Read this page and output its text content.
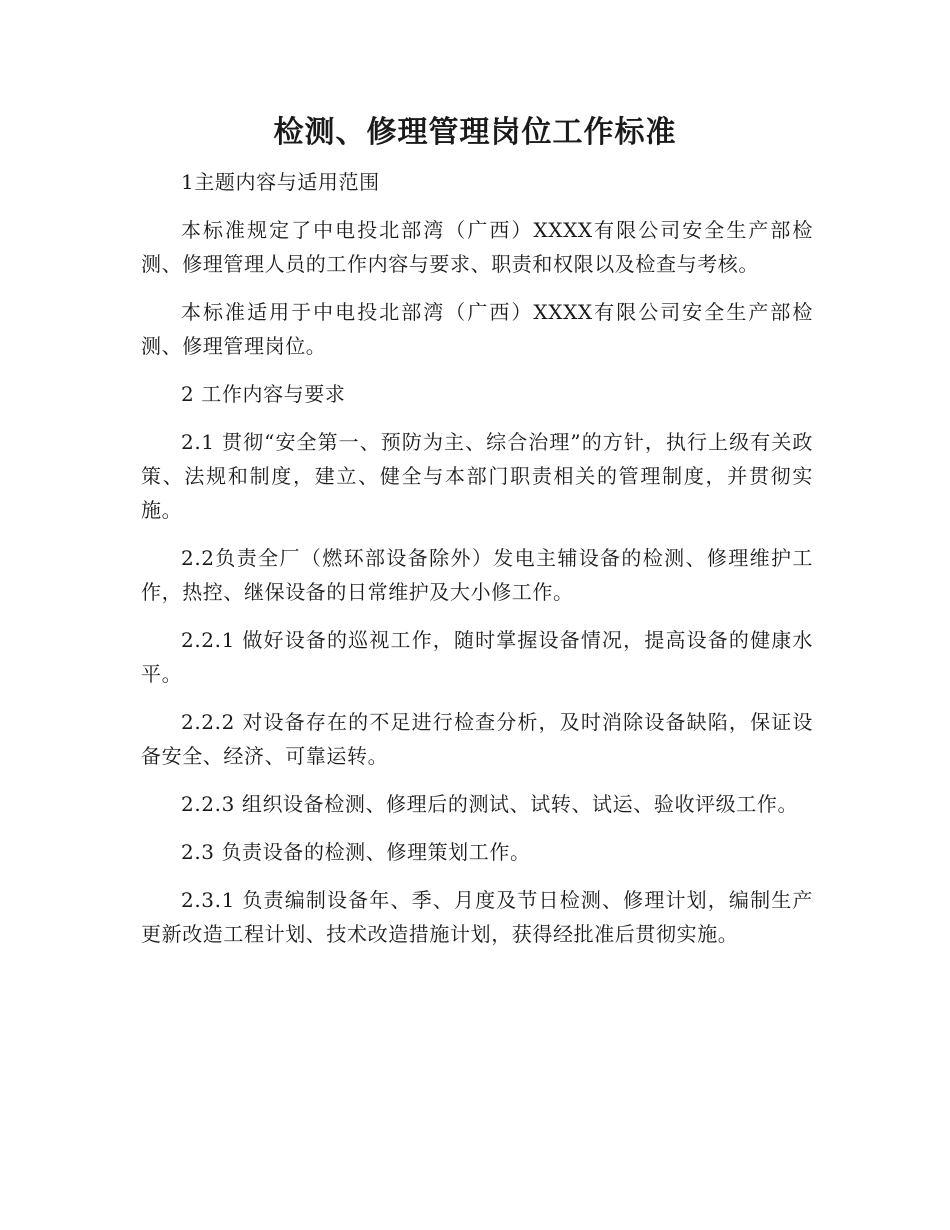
检测、修理管理岗位工作标准

1主题内容与适用范围

本标准规定了中电投北部湾（广西）XXXX有限公司安全生产部检测、修理管理人员的工作内容与要求、职责和权限以及检查与考核。

本标准适用于中电投北部湾（广西）XXXX有限公司安全生产部检测、修理管理岗位。

2 工作内容与要求

2.1 贯彻“安全第一、预防为主、综合治理”的方针，执行上级有关政策、法规和制度，建立、健全与本部门职责相关的管理制度，并贯彻实施。

2.2负责全厂（燃环部设备除外）发电主辅设备的检测、修理维护工作，热控、继保设备的日常维护及大小修工作。

2.2.1 做好设备的巡视工作，随时掌握设备情况，提高设备的健康水平。

2.2.2 对设备存在的不足进行检查分析，及时消除设备缺陷，保证设备安全、经济、可靠运转。

2.2.3 组织设备检测、修理后的测试、试转、试运、验收评级工作。

2.3 负责设备的检测、修理策划工作。

2.3.1 负责编制设备年、季、月度及节日检测、修理计划，编制生产更新改造工程计划、技术改造措施计划，获得经批准后贯彻实施。
